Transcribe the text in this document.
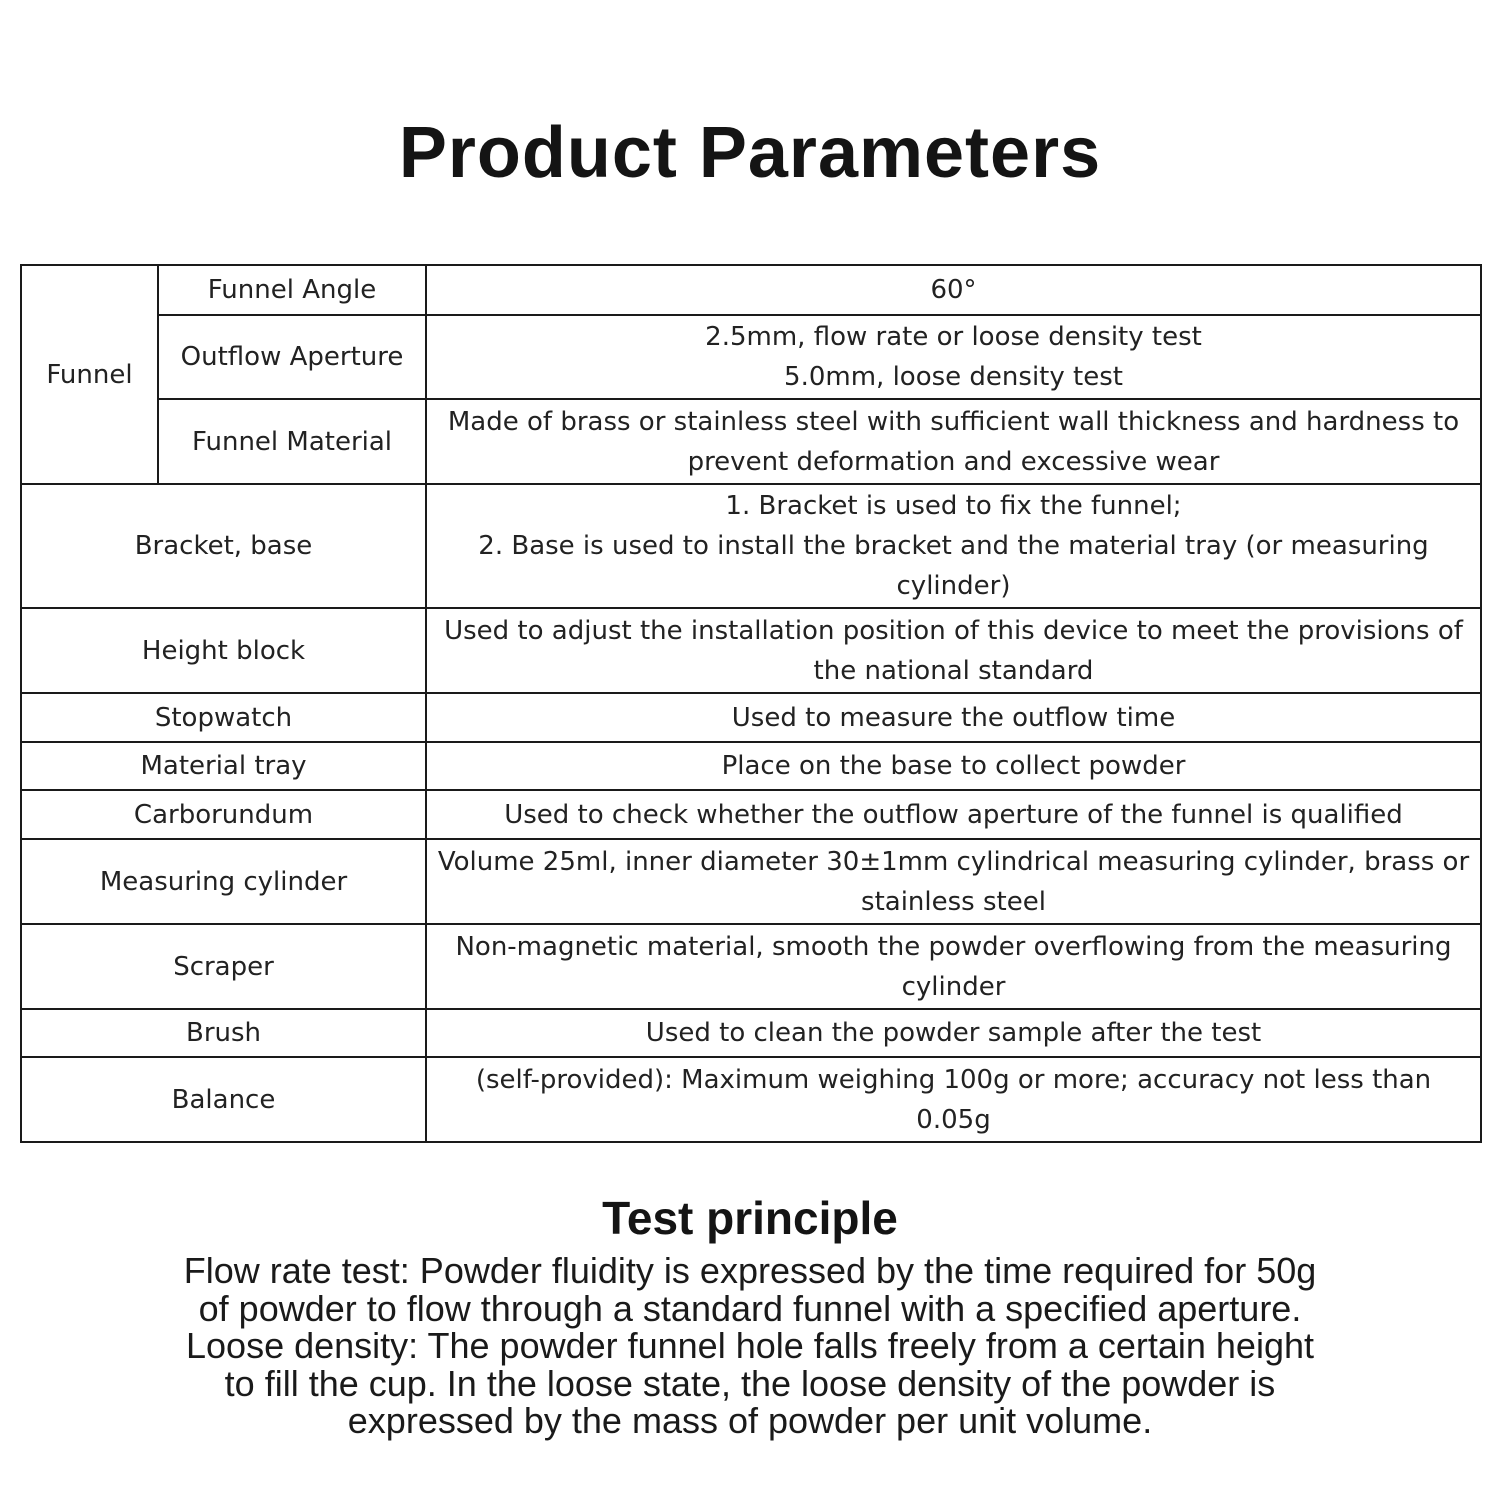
Product Parameters
Funnel	Funnel Angle	60°
	Outflow Aperture	2.5mm, flow rate or loose density test
5.0mm, loose density test
	Funnel Material	Made of brass or stainless steel with sufficient wall thickness and hardness to
prevent deformation and excessive wear
Bracket, base		1. Bracket is used to fix the funnel;
2. Base is used to install the bracket and the material tray (or measuring
cylinder)
Height block		Used to adjust the installation position of this device to meet the provisions of
the national standard
Stopwatch		Used to measure the outflow time
Material tray		Place on the base to collect powder
Carborundum		Used to check whether the outflow aperture of the funnel is qualified
Measuring cylinder		Volume 25ml, inner diameter 30±1mm cylindrical measuring cylinder, brass or
stainless steel
Scraper		Non-magnetic material, smooth the powder overflowing from the measuring
cylinder
Brush		Used to clean the powder sample after the test
Balance		(self-provided): Maximum weighing 100g or more; accuracy not less than
0.05g
Test principle
Flow rate test: Powder fluidity is expressed by the time required for 50g
of powder to flow through a standard funnel with a specified aperture.
Loose density: The powder funnel hole falls freely from a certain height
to fill the cup. In the loose state, the loose density of the powder is
expressed by the mass of powder per unit volume.
